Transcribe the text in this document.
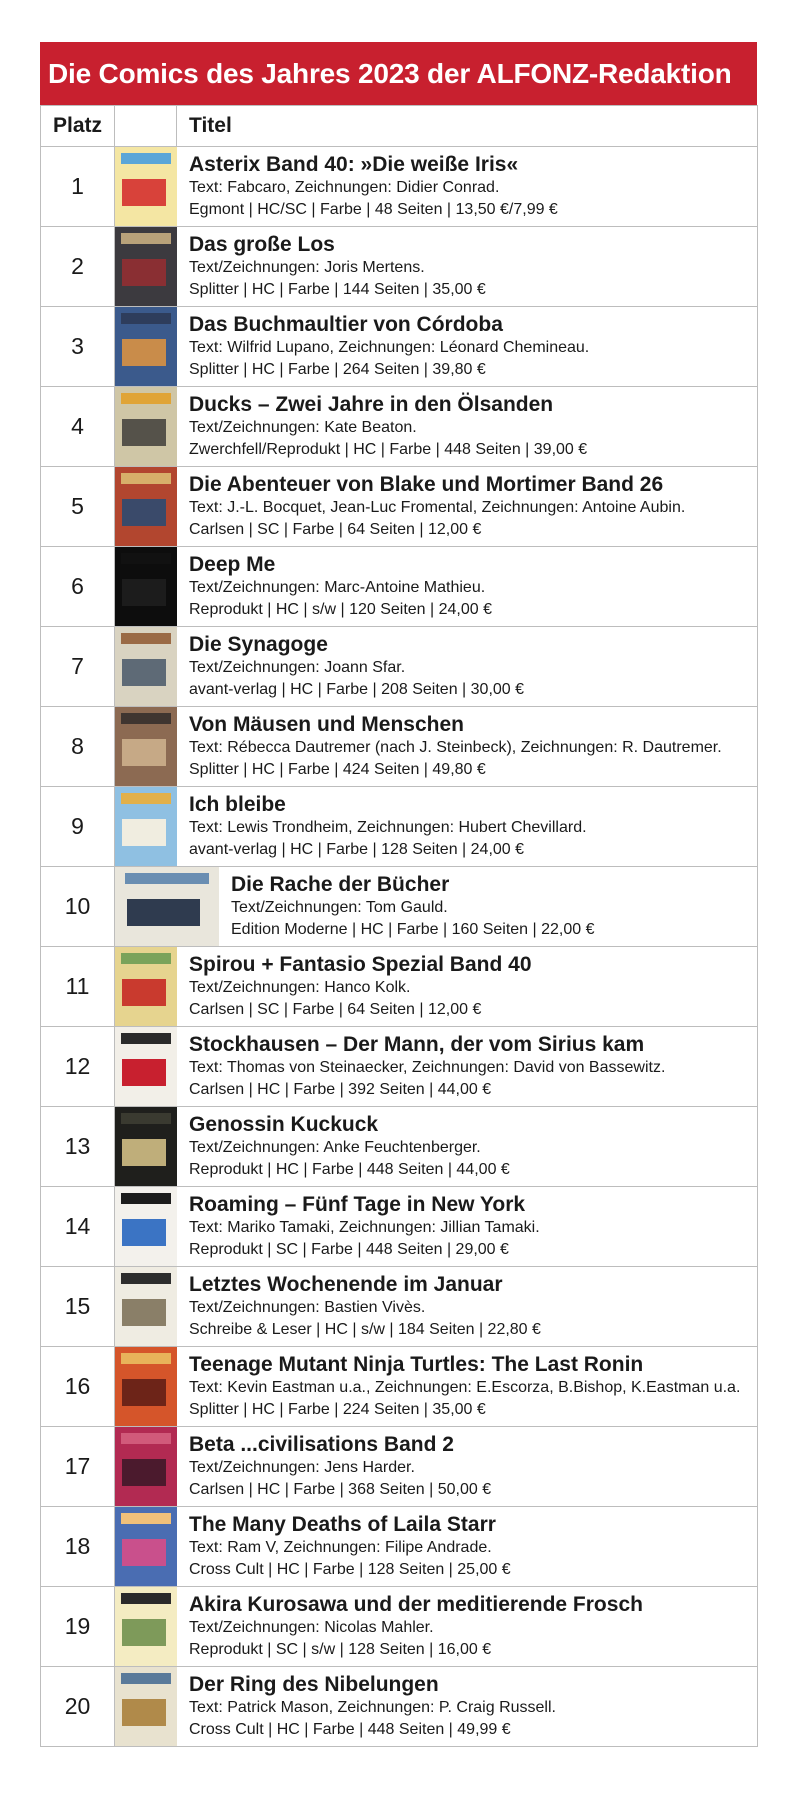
Die Comics des Jahres 2023 der ALFONZ-Redaktion
Platz		Titel
1		Asterix Band 40: »Die weiße Iris«
Text: Fabcaro, Zeichnungen: Didier Conrad.
Egmont | HC/SC | Farbe | 48 Seiten | 13,50 €/7,99 €

2		Das große Los
Text/Zeichnungen: Joris Mertens.
Splitter | HC | Farbe | 144 Seiten | 35,00 €

3		Das Buchmaultier von Córdoba
Text: Wilfrid Lupano, Zeichnungen: Léonard Chemineau.
Splitter | HC | Farbe | 264 Seiten | 39,80 €

4		Ducks – Zwei Jahre in den Ölsanden
Text/Zeichnungen: Kate Beaton.
Zwerchfell/Reprodukt | HC | Farbe | 448 Seiten | 39,00 €

5		Die Abenteuer von Blake und Mortimer Band 26
Text: J.-L. Bocquet, Jean-Luc Fromental, Zeichnungen: Antoine Aubin.
Carlsen | SC | Farbe | 64 Seiten | 12,00 €

6		Deep Me
Text/Zeichnungen: Marc-Antoine Mathieu.
Reprodukt | HC | s/w | 120 Seiten | 24,00 €

7		Die Synagoge
Text/Zeichnungen: Joann Sfar.
avant-verlag | HC | Farbe | 208 Seiten | 30,00 €

8		Von Mäusen und Menschen
Text: Rébecca Dautremer (nach J. Steinbeck), Zeichnungen: R. Dautremer.
Splitter | HC | Farbe | 424 Seiten | 49,80 €

9		Ich bleibe
Text: Lewis Trondheim, Zeichnungen: Hubert Chevillard.
avant-verlag | HC | Farbe | 128 Seiten | 24,00 €

10		Die Rache der Bücher
Text/Zeichnungen: Tom Gauld.
Edition Moderne | HC | Farbe | 160 Seiten | 22,00 €

11		Spirou + Fantasio Spezial Band 40
Text/Zeichnungen: Hanco Kolk.
Carlsen | SC | Farbe | 64 Seiten | 12,00 €

12		Stockhausen – Der Mann, der vom Sirius kam
Text: Thomas von Steinaecker, Zeichnungen: David von Bassewitz.
Carlsen | HC | Farbe | 392 Seiten | 44,00 €

13		Genossin Kuckuck
Text/Zeichnungen: Anke Feuchtenberger.
Reprodukt | HC | Farbe | 448 Seiten | 44,00 €

14		Roaming – Fünf Tage in New York
Text: Mariko Tamaki, Zeichnungen: Jillian Tamaki.
Reprodukt | SC | Farbe | 448 Seiten | 29,00 €

15		Letztes Wochenende im Januar
Text/Zeichnungen: Bastien Vivès.
Schreibe & Leser | HC | s/w | 184 Seiten | 22,80 €

16		Teenage Mutant Ninja Turtles: The Last Ronin
Text: Kevin Eastman u.a., Zeichnungen: E.Escorza, B.Bishop, K.Eastman u.a.
Splitter | HC | Farbe | 224 Seiten | 35,00 €

17		Beta ...civilisations Band 2
Text/Zeichnungen: Jens Harder.
Carlsen | HC | Farbe | 368 Seiten | 50,00 €

18		The Many Deaths of Laila Starr
Text: Ram V, Zeichnungen: Filipe Andrade.
Cross Cult | HC | Farbe | 128 Seiten | 25,00 €

19		Akira Kurosawa und der meditierende Frosch
Text/Zeichnungen: Nicolas Mahler.
Reprodukt | SC | s/w | 128 Seiten | 16,00 €

20		Der Ring des Nibelungen
Text: Patrick Mason, Zeichnungen: P. Craig Russell.
Cross Cult | HC | Farbe | 448 Seiten | 49,99 €
